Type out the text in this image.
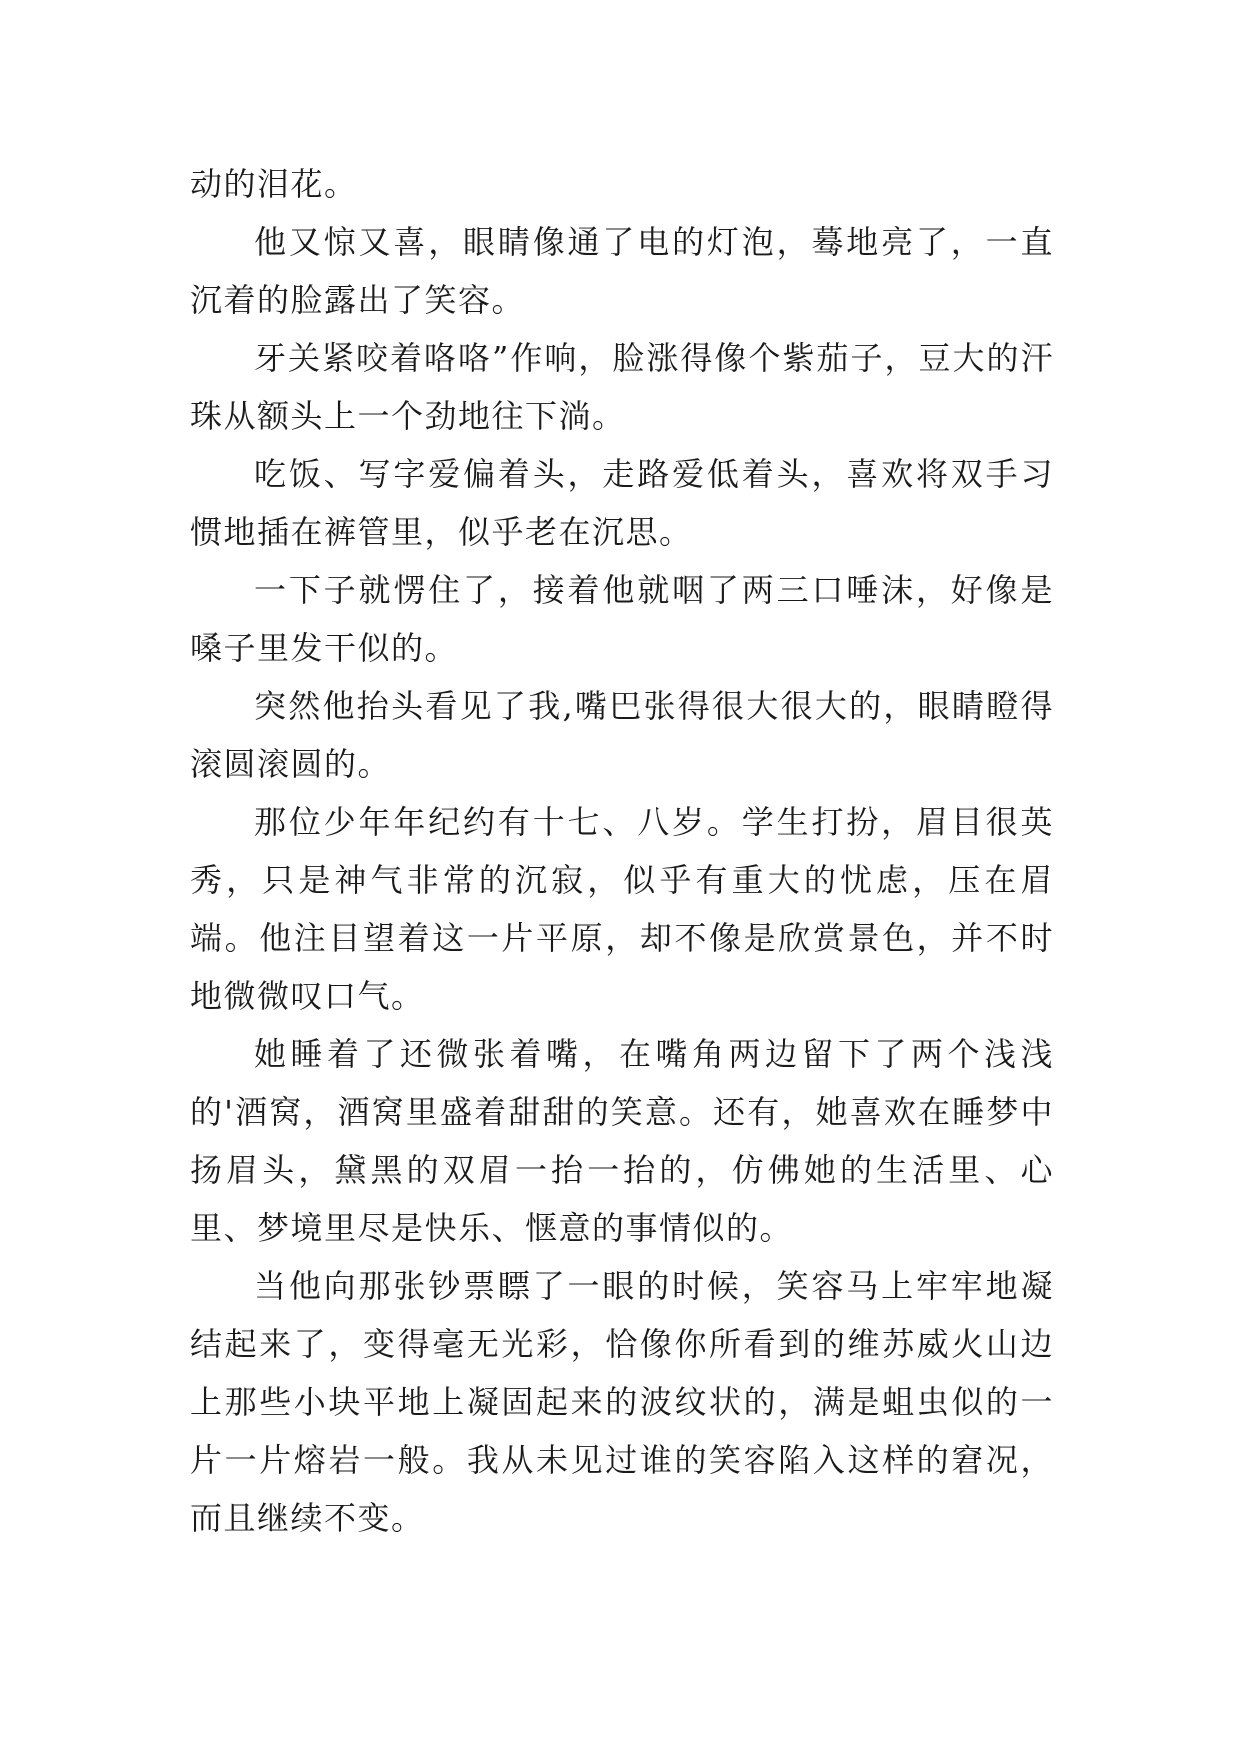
动的泪花。

他又惊又喜，眼睛像通了电的灯泡，蓦地亮了，一直沉着的脸露出了笑容。

牙关紧咬着咯咯”作响，脸涨得像个紫茄子，豆大的汗珠从额头上一个劲地往下淌。

吃饭、写字爱偏着头，走路爱低着头，喜欢将双手习惯地插在裤管里，似乎老在沉思。

一下子就愣住了，接着他就咽了两三口唾沫，好像是嗓子里发干似的。

突然他抬头看见了我,嘴巴张得很大很大的，眼睛瞪得滚圆滚圆的。

那位少年年纪约有十七、八岁。学生打扮，眉目很英秀，只是神气非常的沉寂，似乎有重大的忧虑，压在眉端。他注目望着这一片平原，却不像是欣赏景色，并不时地微微叹口气。

她睡着了还微张着嘴，在嘴角两边留下了两个浅浅的'酒窝，酒窝里盛着甜甜的笑意。还有，她喜欢在睡梦中扬眉头，黛黑的双眉一抬一抬的，仿佛她的生活里、心里、梦境里尽是快乐、惬意的事情似的。

当他向那张钞票瞟了一眼的时候，笑容马上牢牢地凝结起来了，变得毫无光彩，恰像你所看到的维苏威火山边上那些小块平地上凝固起来的波纹状的，满是蛆虫似的一片一片熔岩一般。我从未见过谁的笑容陷入这样的窘况，而且继续不变。
